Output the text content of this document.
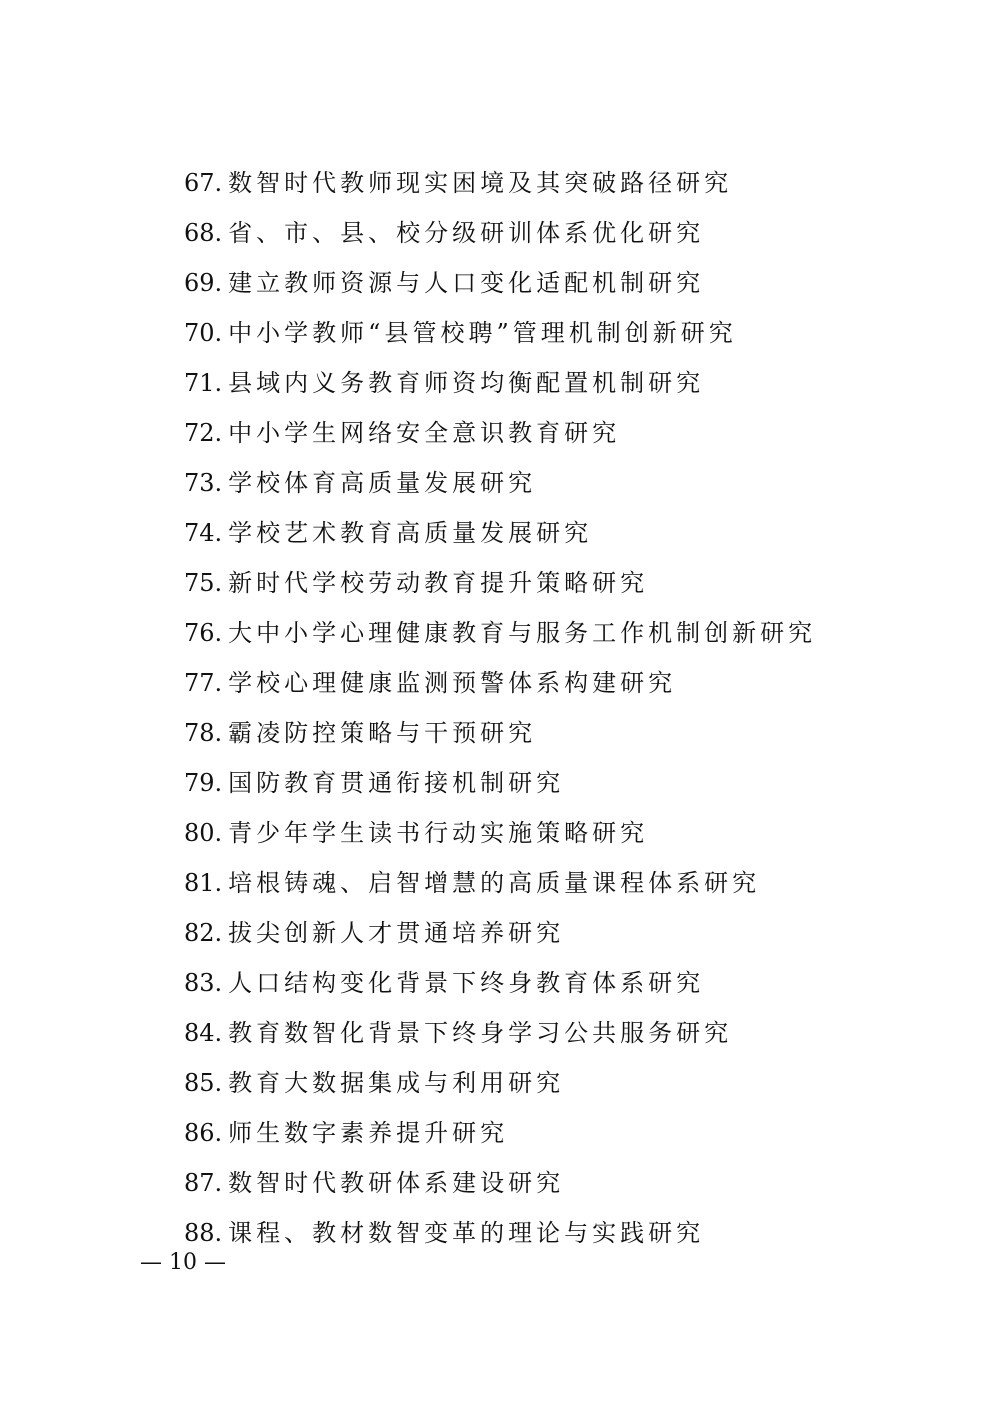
67. 数智时代教师现实困境及其突破路径研究
68. 省、市、县、校分级研训体系优化研究
69. 建立教师资源与人口变化适配机制研究
70. 中小学教师“县管校聘”管理机制创新研究
71. 县域内义务教育师资均衡配置机制研究
72. 中小学生网络安全意识教育研究
73. 学校体育高质量发展研究
74. 学校艺术教育高质量发展研究
75. 新时代学校劳动教育提升策略研究
76. 大中小学心理健康教育与服务工作机制创新研究
77. 学校心理健康监测预警体系构建研究
78. 霸凌防控策略与干预研究
79. 国防教育贯通衔接机制研究
80. 青少年学生读书行动实施策略研究
81. 培根铸魂、启智增慧的高质量课程体系研究
82. 拔尖创新人才贯通培养研究
83. 人口结构变化背景下终身教育体系研究
84. 教育数智化背景下终身学习公共服务研究
85. 教育大数据集成与利用研究
86. 师生数字素养提升研究
87. 数智时代教研体系建设研究
88. 课程、教材数智变革的理论与实践研究
— 10 —
